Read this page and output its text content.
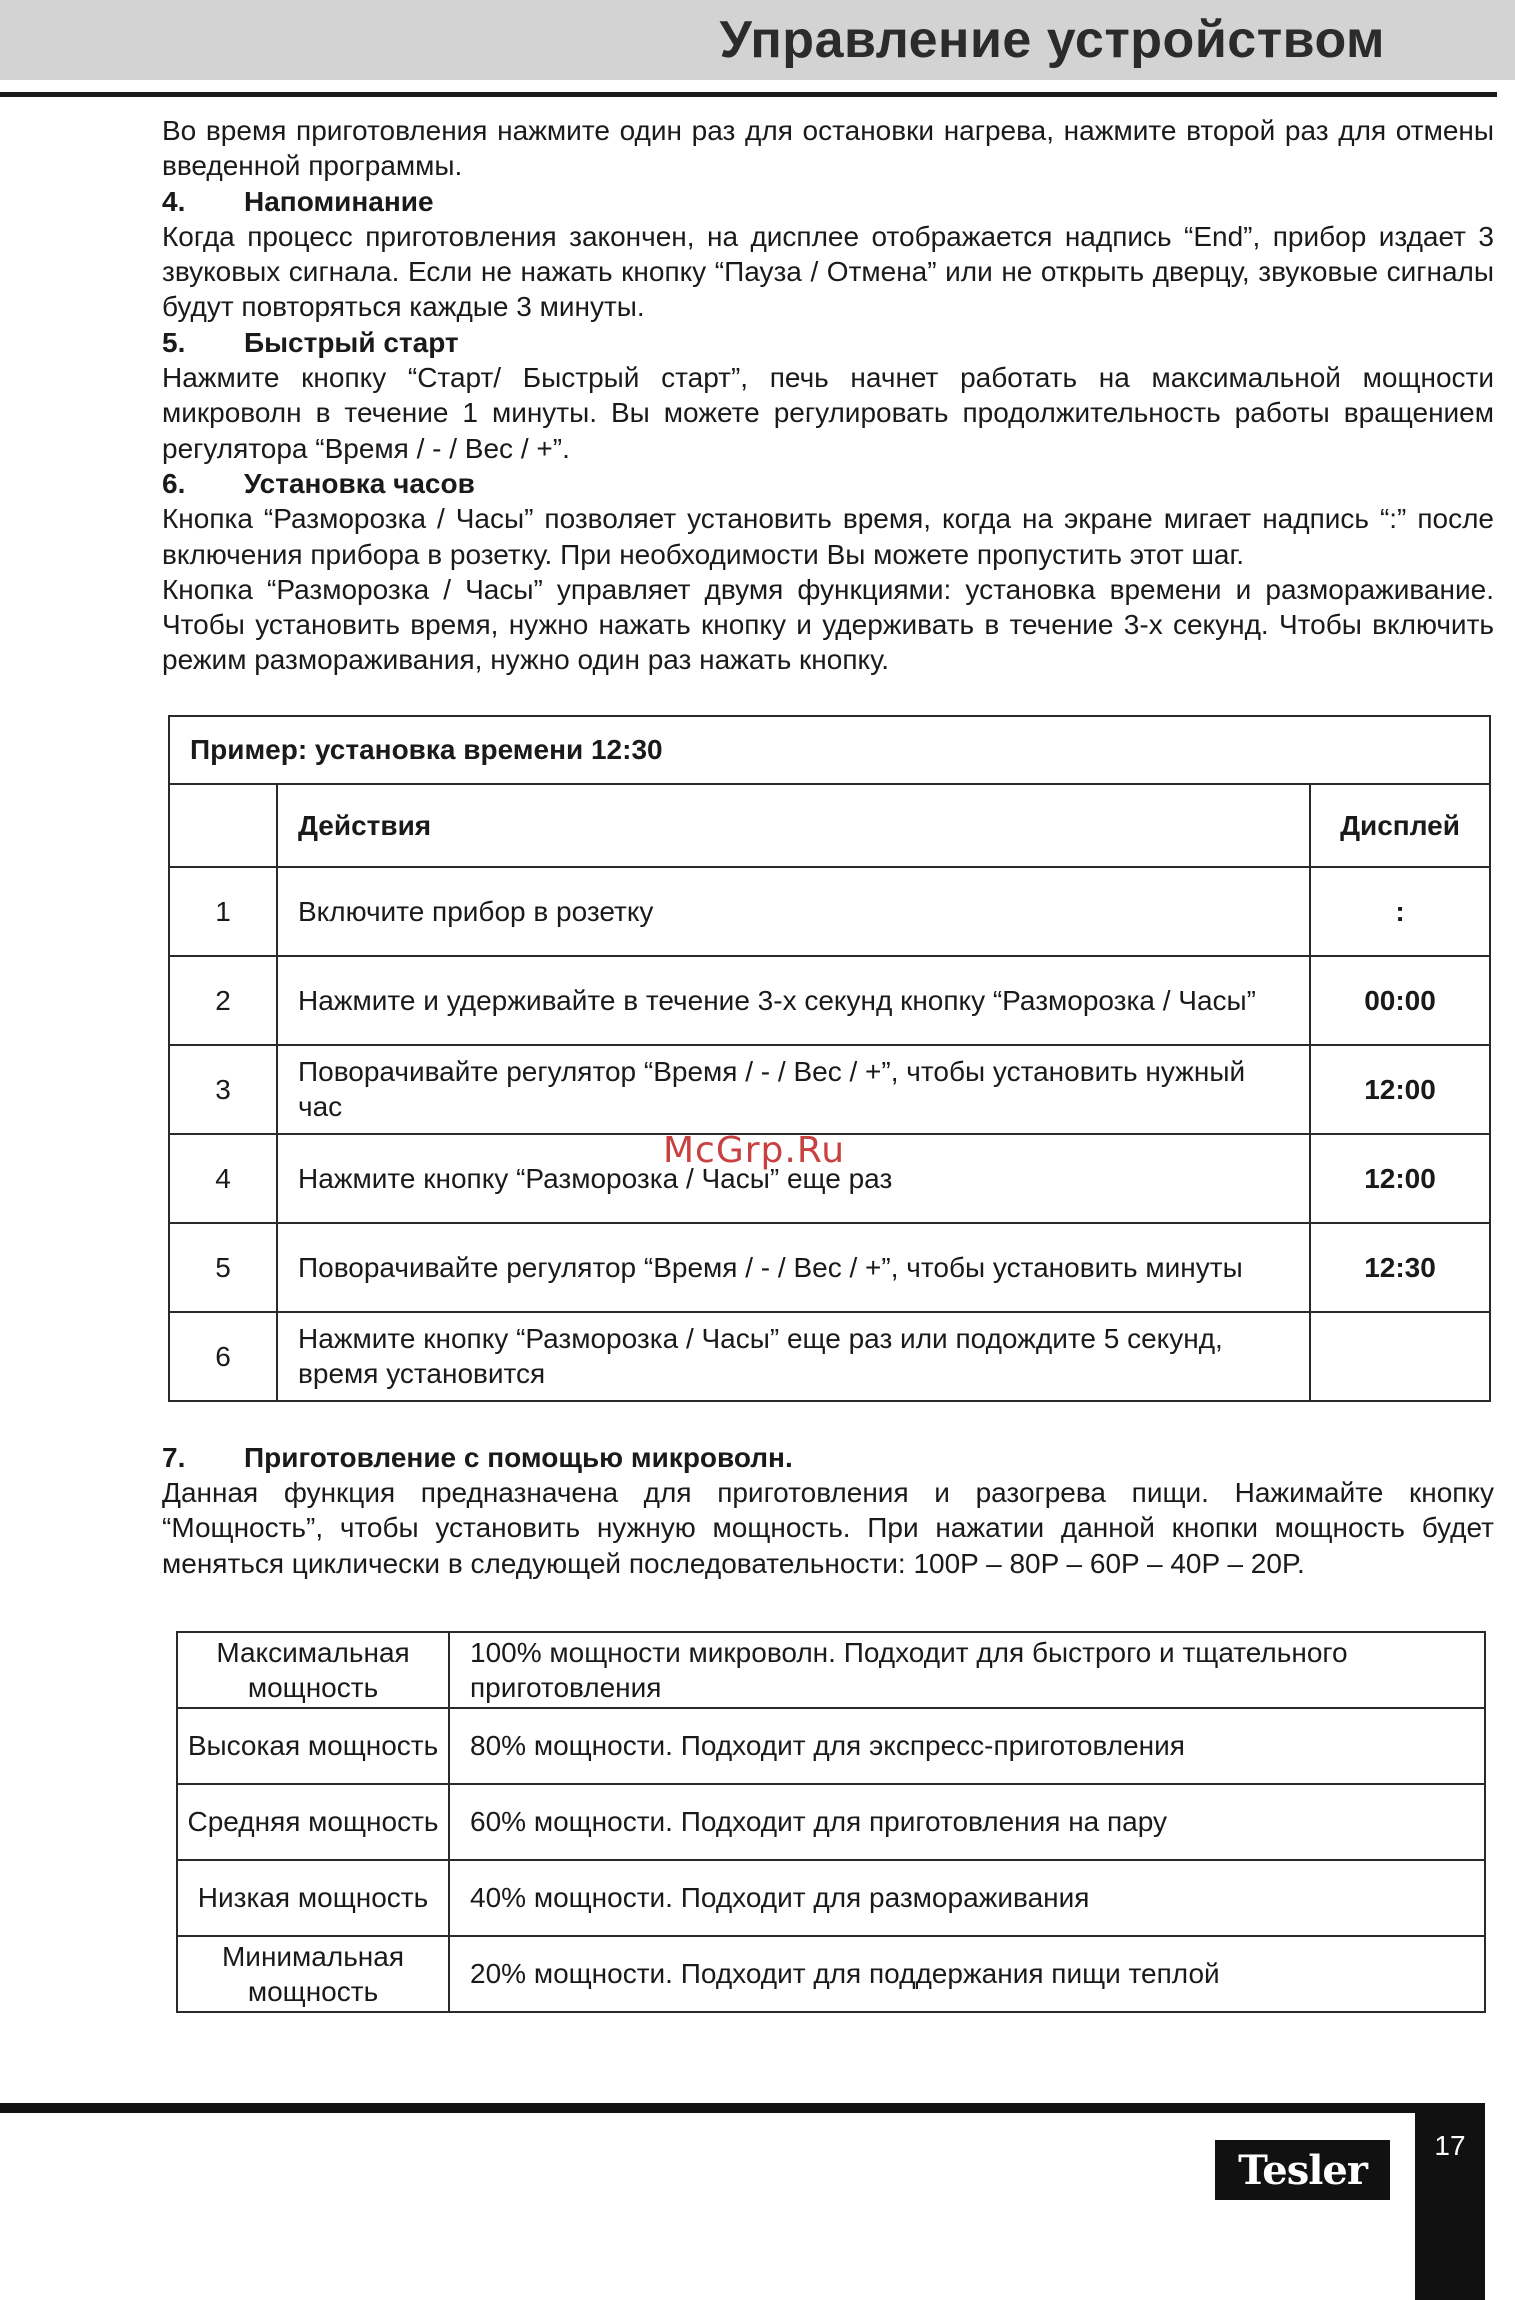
Управление устройством

Во время приготовления нажмите один раз для остановки нагрева, нажмите второй раз для отмены введенной программы.

4.	Напоминание

Когда процесс приготовления закончен, на дисплее отображается надпись “End”, прибор издает 3 звуковых сигнала. Если не нажать кнопку “Пауза / Отмена” или не открыть дверцу, звуковые сигналы будут повторяться каждые 3 минуты.

5.	Быстрый старт

Нажмите кнопку “Старт/ Быстрый старт”, печь начнет работать на максимальной мощности микроволн в течение 1 минуты. Вы можете регулировать продолжительность работы вращением регулятора “Время / - / Вес / +”.

6.	Установка часов

Кнопка “Разморозка / Часы” позволяет установить время, когда на экране мигает надпись “:” после включения прибора в розетку. При необходимости Вы можете пропустить этот шаг.

Кнопка “Разморозка / Часы” управляет двумя функциями: установка времени и размораживание. Чтобы установить время, нужно нажать кнопку и удерживать в течение 3-х секунд. Чтобы включить режим размораживания, нужно один раз нажать кнопку.

Пример: установка времени 12:30		
	Действия	Дисплей
1	Включите прибор в розетку	:
2	Нажмите и удерживайте в течение 3-х секунд кнопку “Разморозка / Часы”	00:00
3	Поворачивайте регулятор “Время / - / Вес / +”, чтобы установить нужный час	12:00
4	Нажмите кнопку “Разморозка / Часы” еще раз	12:00
5	Поворачивайте регулятор “Время / - / Вес / +”, чтобы установить минуты	12:30
6	Нажмите кнопку “Разморозка / Часы” еще раз или подождите 5 секунд, время установится	
7.	Приготовление с помощью микроволн.

Данная функция предназначена для приготовления и разогрева пищи. Нажимайте кнопку “Мощность”, чтобы установить нужную мощность. При нажатии данной кнопки мощность будет меняться циклически в следующей последовательности: 100P – 80P – 60P – 40P – 20P.

Максимальная мощность	100% мощности микроволн. Подходит для быстрого и тщательного приготовления
Высокая мощность	80% мощности. Подходит для экспресс-приготовления
Средняя мощность	60% мощности. Подходит для приготовления на пару
Низкая мощность	40% мощности. Подходит для размораживания
Минимальная мощность	20% мощности. Подходит для поддержания пищи теплой
McGrp.Ru
17
Tesler
